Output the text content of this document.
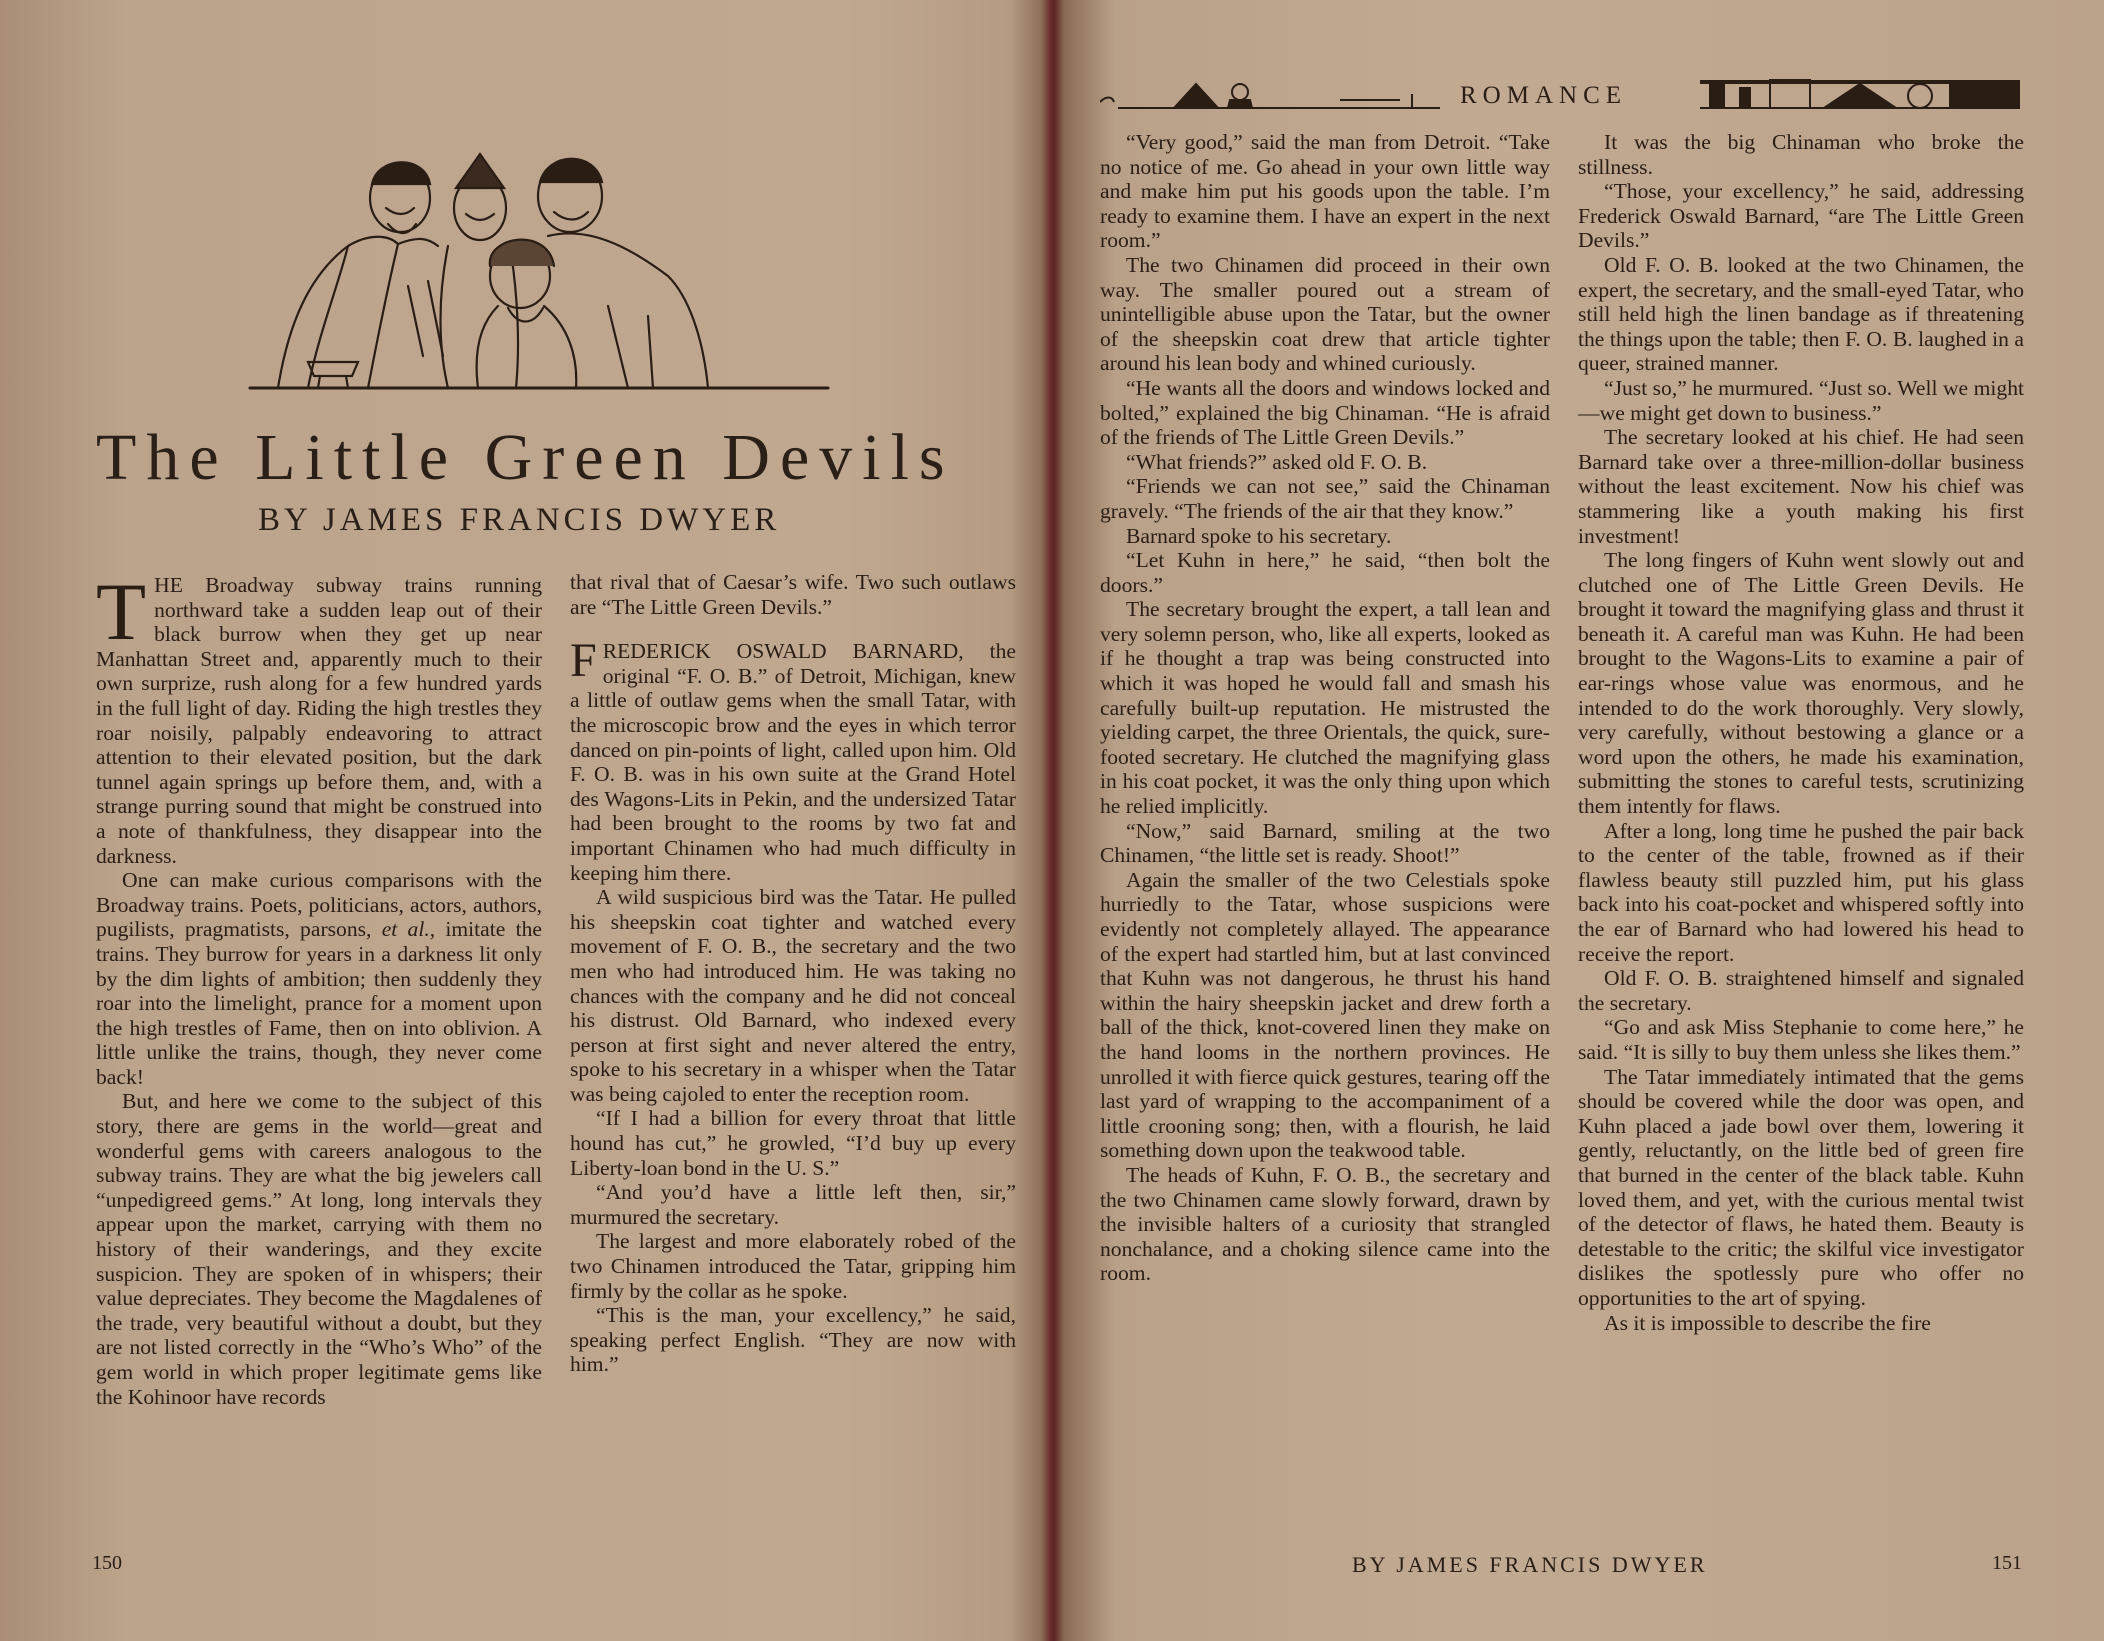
The Little Green Devils
BY JAMES FRANCIS DWYER

THE Broadway subway trains running northward take a sudden leap out of their black burrow when they get up near Manhattan Street and, apparently much to their own surprize, rush along for a few hundred yards in the full light of day. Riding the high trestles they roar noisily, palpably endeavoring to attract attention to their elevated position, but the dark tunnel again springs up before them, and, with a strange purring sound that might be construed into a note of thankfulness, they disappear into the darkness.

One can make curious comparisons with the Broadway trains. Poets, politicians, actors, authors, pugilists, pragmatists, parsons, et al., imitate the trains. They burrow for years in a darkness lit only by the dim lights of ambition; then suddenly they roar into the limelight, prance for a moment upon the high trestles of Fame, then on into oblivion. A little unlike the trains, though, they never come back!

But, and here we come to the subject of this story, there are gems in the world—great and wonderful gems with careers analogous to the subway trains. They are what the big jewelers call “unpedigreed gems.” At long, long intervals they appear upon the market, carrying with them no history of their wanderings, and they excite suspicion. They are spoken of in whispers; their value depreciates. They become the Magdalenes of the trade, very beautiful without a doubt, but they are not listed correctly in the “Who’s Who” of the gem world in which proper legitimate gems like the Kohinoor have records

that rival that of Caesar’s wife. Two such outlaws are “The Little Green Devils.”

FREDERICK OSWALD BARNARD, the original “F. O. B.” of Detroit, Michigan, knew a little of outlaw gems when the small Tatar, with the microscopic brow and the eyes in which terror danced on pin-points of light, called upon him. Old F. O. B. was in his own suite at the Grand Hotel des Wagons-Lits in Pekin, and the undersized Tatar had been brought to the rooms by two fat and important Chinamen who had much difficulty in keeping him there.

A wild suspicious bird was the Tatar. He pulled his sheepskin coat tighter and watched every movement of F. O. B., the secretary and the two men who had introduced him. He was taking no chances with the company and he did not conceal his distrust. Old Barnard, who indexed every person at first sight and never altered the entry, spoke to his secretary in a whisper when the Tatar was being cajoled to enter the reception room.

“If I had a billion for every throat that little hound has cut,” he growled, “I’d buy up every Liberty-loan bond in the U. S.”

“And you’d have a little left then, sir,” murmured the secretary.

The largest and more elaborately robed of the two Chinamen introduced the Tatar, gripping him firmly by the collar as he spoke.

“This is the man, your excellency,” he said, speaking perfect English. “They are now with him.”

150
ROMANCE

“Very good,” said the man from Detroit. “Take no notice of me. Go ahead in your own little way and make him put his goods upon the table. I’m ready to examine them. I have an expert in the next room.”

The two Chinamen did proceed in their own way. The smaller poured out a stream of unintelligible abuse upon the Tatar, but the owner of the sheepskin coat drew that article tighter around his lean body and whined curiously.

“He wants all the doors and windows locked and bolted,” explained the big Chinaman. “He is afraid of the friends of The Little Green Devils.”

“What friends?” asked old F. O. B.

“Friends we can not see,” said the Chinaman gravely. “The friends of the air that they know.”

Barnard spoke to his secretary.

“Let Kuhn in here,” he said, “then bolt the doors.”

The secretary brought the expert, a tall lean and very solemn person, who, like all experts, looked as if he thought a trap was being constructed into which it was hoped he would fall and smash his carefully built-up reputation. He mistrusted the yielding carpet, the three Orientals, the quick, sure-footed secretary. He clutched the magnifying glass in his coat pocket, it was the only thing upon which he relied implicitly.

“Now,” said Barnard, smiling at the two Chinamen, “the little set is ready. Shoot!”

Again the smaller of the two Celestials spoke hurriedly to the Tatar, whose suspicions were evidently not completely allayed. The appearance of the expert had startled him, but at last convinced that Kuhn was not dangerous, he thrust his hand within the hairy sheepskin jacket and drew forth a ball of the thick, knot-covered linen they make on the hand looms in the northern provinces. He unrolled it with fierce quick gestures, tearing off the last yard of wrapping to the accompaniment of a little crooning song; then, with a flourish, he laid something down upon the teakwood table.

The heads of Kuhn, F. O. B., the secretary and the two Chinamen came slowly forward, drawn by the invisible halters of a curiosity that strangled nonchalance, and a choking silence came into the room.

It was the big Chinaman who broke the stillness.

“Those, your excellency,” he said, addressing Frederick Oswald Barnard, “are The Little Green Devils.”

Old F. O. B. looked at the two Chinamen, the expert, the secretary, and the small-eyed Tatar, who still held high the linen bandage as if threatening the things upon the table; then F. O. B. laughed in a queer, strained manner.

“Just so,” he murmured. “Just so. Well we might—we might get down to business.”

The secretary looked at his chief. He had seen Barnard take over a three-million-dollar business without the least excitement. Now his chief was stammering like a youth making his first investment!

The long fingers of Kuhn went slowly out and clutched one of The Little Green Devils. He brought it toward the magnifying glass and thrust it beneath it. A careful man was Kuhn. He had been brought to the Wagons-Lits to examine a pair of ear-rings whose value was enormous, and he intended to do the work thoroughly. Very slowly, very carefully, without bestowing a glance or a word upon the others, he made his examination, submitting the stones to careful tests, scrutinizing them intently for flaws.

After a long, long time he pushed the pair back to the center of the table, frowned as if their flawless beauty still puzzled him, put his glass back into his coat-pocket and whispered softly into the ear of Barnard who had lowered his head to receive the report.

Old F. O. B. straightened himself and signaled the secretary.

“Go and ask Miss Stephanie to come here,” he said. “It is silly to buy them unless she likes them.”

The Tatar immediately intimated that the gems should be covered while the door was open, and Kuhn placed a jade bowl over them, lowering it gently, reluctantly, on the little bed of green fire that burned in the center of the black table. Kuhn loved them, and yet, with the curious mental twist of the detector of flaws, he hated them. Beauty is detestable to the critic; the skilful vice investigator dislikes the spotlessly pure who offer no opportunities to the art of spying.

As it is impossible to describe the fire

BY JAMES FRANCIS DWYER	151
